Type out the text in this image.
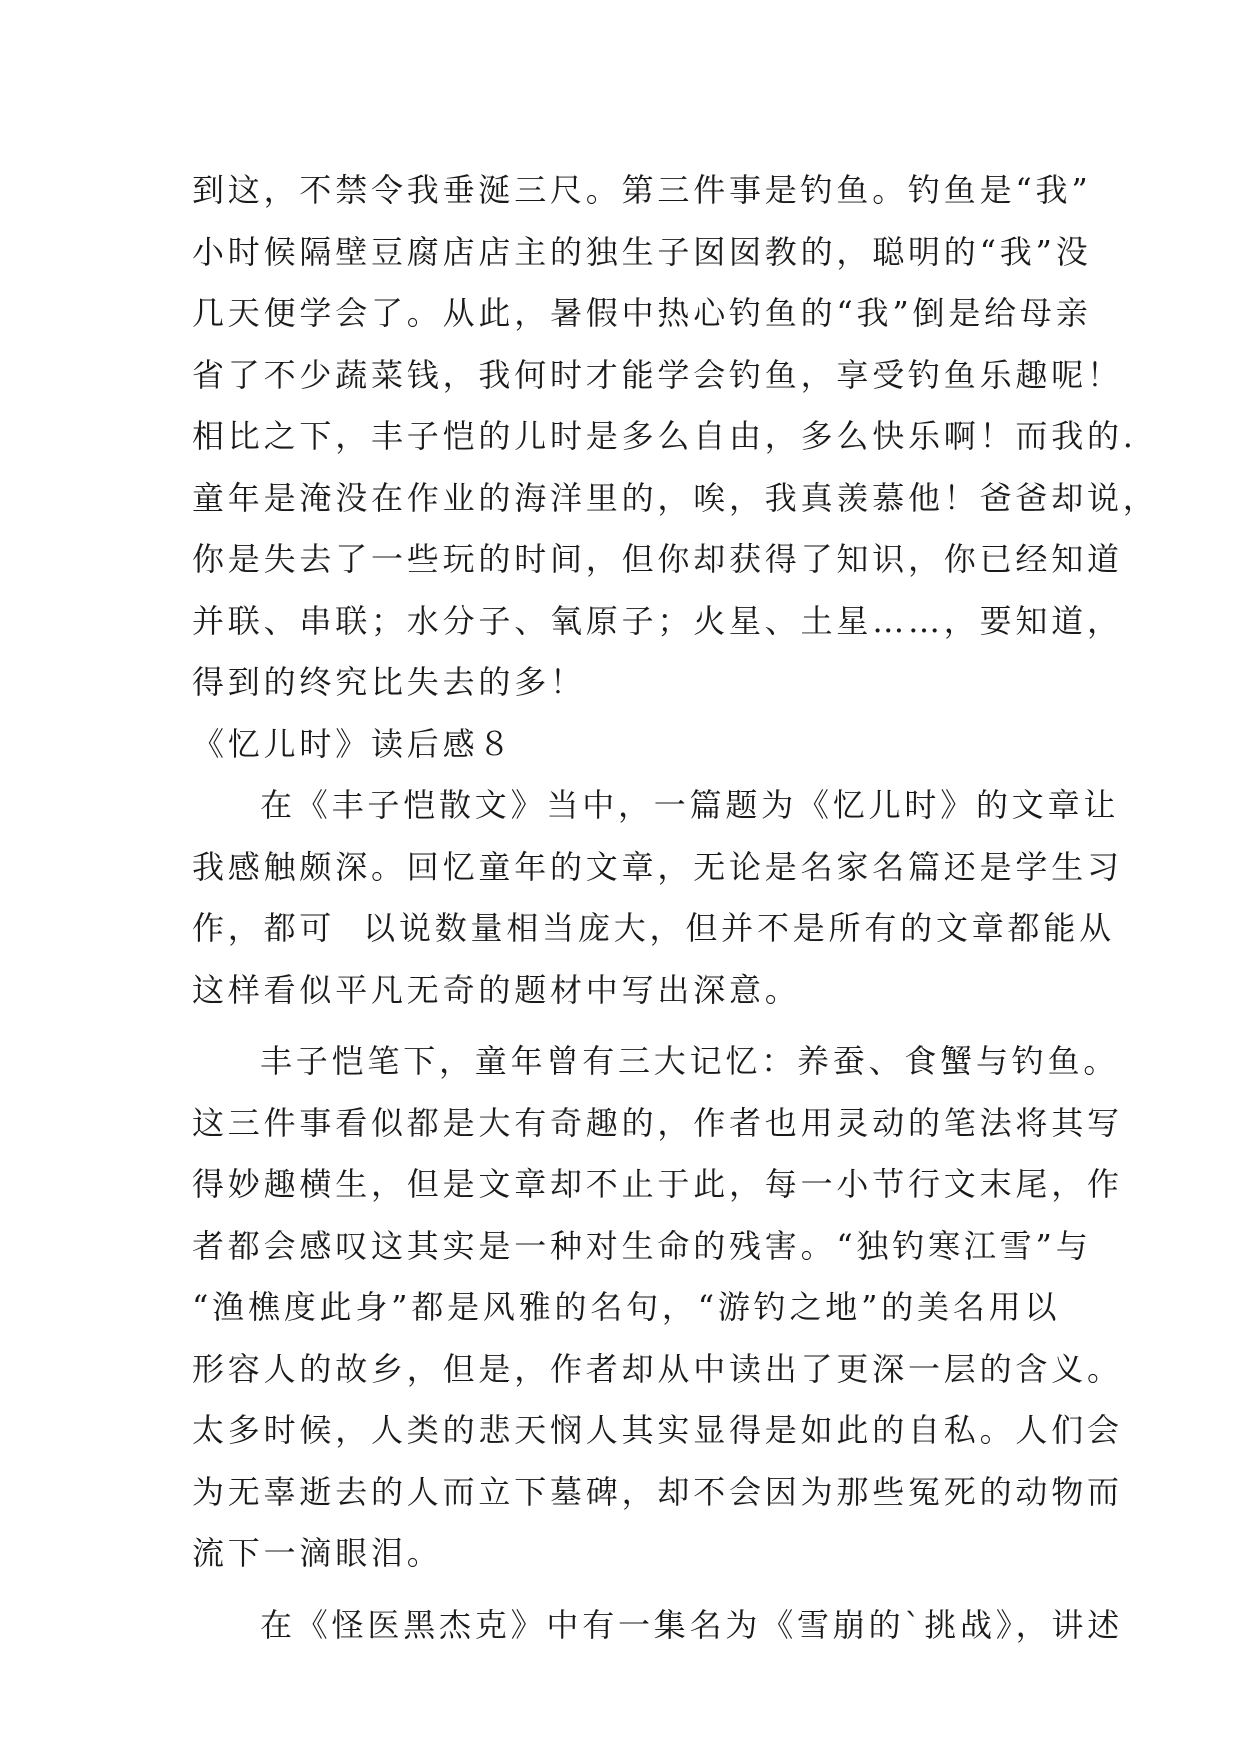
到这，不禁令我垂涎三尺。第三件事是钓鱼。钓鱼是“我”
小时候隔壁豆腐店店主的独生子囡囡教的，聪明的“我”没
几天便学会了。从此，暑假中热心钓鱼的“我”倒是给母亲
省了不少蔬菜钱，我何时才能学会钓鱼，享受钓鱼乐趣呢！
相比之下，丰子恺的儿时是多么自由，多么快乐啊！而我的.
童年是淹没在作业的海洋里的，唉，我真羡慕他！爸爸却说，
你是失去了一些玩的时间，但你却获得了知识，你已经知道
并联、串联；水分子、氧原子；火星、土星……，要知道，
得到的终究比失去的多！
《忆儿时》读后感８
在《丰子恺散文》当中，一篇题为《忆儿时》的文章让
我感触颇深。回忆童年的文章，无论是名家名篇还是学生习
作，都可  以说数量相当庞大，但并不是所有的文章都能从
这样看似平凡无奇的题材中写出深意。
丰子恺笔下，童年曾有三大记忆：养蚕、食蟹与钓鱼。
这三件事看似都是大有奇趣的，作者也用灵动的笔法将其写
得妙趣横生，但是文章却不止于此，每一小节行文末尾，作
者都会感叹这其实是一种对生命的残害。“独钓寒江雪”与
“渔樵度此身”都是风雅的名句，“游钓之地”的美名用以
形容人的故乡，但是，作者却从中读出了更深一层的含义。
太多时候，人类的悲天悯人其实显得是如此的自私。人们会
为无辜逝去的人而立下墓碑，却不会因为那些冤死的动物而
流下一滴眼泪。
在《怪医黑杰克》中有一集名为《雪崩的`挑战》，讲述
